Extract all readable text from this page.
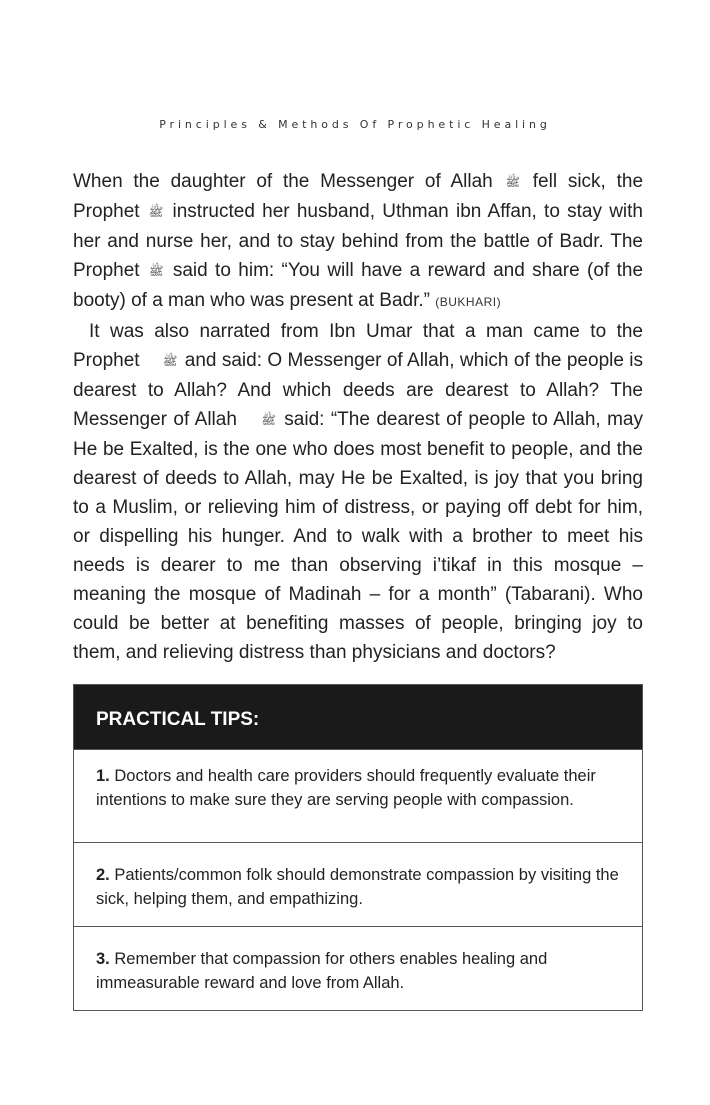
Principles & Methods Of Prophetic Healing

When the daughter of the Messenger of Allah ﷺ fell sick, the Prophet ﷺ instructed her husband, Uthman ibn Affan, to stay with her and nurse her, and to stay behind from the battle of Badr. The Prophet ﷺ said to him: “You will have a reward and share (of the booty) of a man who was present at Badr.” (BUKHARI)

It was also narrated from Ibn Umar that a man came to the Prophet ﷺ and said: O Messenger of Allah, which of the people is dearest to Allah? And which deeds are dearest to Allah? The Messenger of Allah ﷺ said: “The dearest of people to Allah, may He be Exalted, is the one who does most benefit to people, and the dearest of deeds to Allah, may He be Exalted, is joy that you bring to a Muslim, or relieving him of distress, or paying off debt for him, or dispelling his hunger. And to walk with a brother to meet his needs is dearer to me than observing i’tikaf in this mosque – meaning the mosque of Madinah – for a month” (Tabarani). Who could be better at benefiting masses of people, bringing joy to them, and relieving distress than physicians and doctors?

PRACTICAL TIPS:
1. Doctors and health care providers should frequently evaluate their intentions to make sure they are serving people with compassion.
2. Patients/common folk should demonstrate compassion by visiting the sick, helping them, and empathizing.
3. Remember that compassion for others enables healing and immeasurable reward and love from Allah.
